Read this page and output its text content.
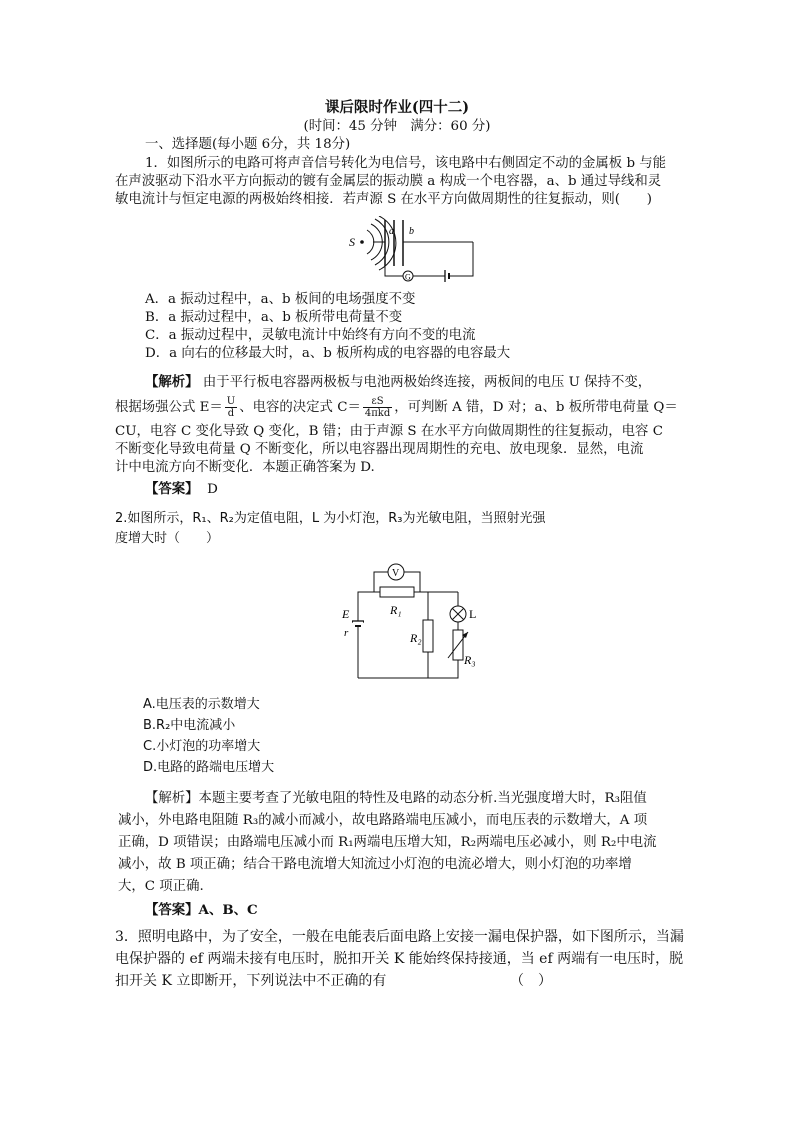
课后限时作业(四十二)
(时间：45 分钟　满分：60 分)
一、选择题(每小题 6分，共 18分)
1．如图所示的电路可将声音信号转化为电信号，该电路中右侧固定不动的金属板 b 与能
在声波驱动下沿水平方向振动的镀有金属层的振动膜 a 构成一个电容器，a、b 通过导线和灵
敏电流计与恒定电源的两极始终相接．若声源 S 在水平方向做周期性的往复振动，则(　　)
S
a b
G
A．a 振动过程中，a、b 板间的电场强度不变
B．a 振动过程中，a、b 板所带电荷量不变
C．a 振动过程中，灵敏电流计中始终有方向不变的电流
D．a 向右的位移最大时，a、b 板所构成的电容器的电容最大
【解析】 由于平行板电容器两极板与电池两极始终连接，两板间的电压 U 保持不变，
根据场强公式 $E= \frac{U}{d}$ 、电容的决定式 $C= \frac{\varepsilon S}{\text{4πkd}}$ ，可判断 A 错，D 对；a、b 板所带电荷量 Q＝
CU，电容 C 变化导致 Q 变化，B 错；由于声源 S 在水平方向做周期性的往复振动，电容 C
不断变化导致电荷量 Q 不断变化，所以电容器出现周期性的充电、放电现象．显然，电流
计中电流方向不断变化．本题正确答案为 D.
【答案】 D
2.如图所示，R₁、R₂为定值电阻，L 为小灯泡，R₃为光敏电阻，当照射光强
度增大时（　　）
E
r
R₁
V
R₂
L
R₃
A.电压表的示数增大
B.R₂中电流减小
C.小灯泡的功率增大
D.电路的路端电压增大
【解析】本题主要考查了光敏电阻的特性及电路的动态分析.当光强度增大时，R₃阻值
减小，外电路电阻随 R₃的减小而减小，故电路路端电压减小，而电压表的示数增大，A 项
正确，D 项错误；由路端电压减小而 R₁两端电压增大知，R₂两端电压必减小，则 R₂中电流
减小，故 B 项正确；结合干路电流增大知流过小灯泡的电流必增大，则小灯泡的功率增
大，C 项正确.
【答案】A、B、C
3．照明电路中，为了安全，一般在电能表后面电路上安接一漏电保护器，如下图所示，当漏
电保护器的 ef 两端未接有电压时，脱扣开关 K 能始终保持接通，当 ef 两端有一电压时，脱
扣开关 K 立即断开，下列说法中不正确的有	（　）
